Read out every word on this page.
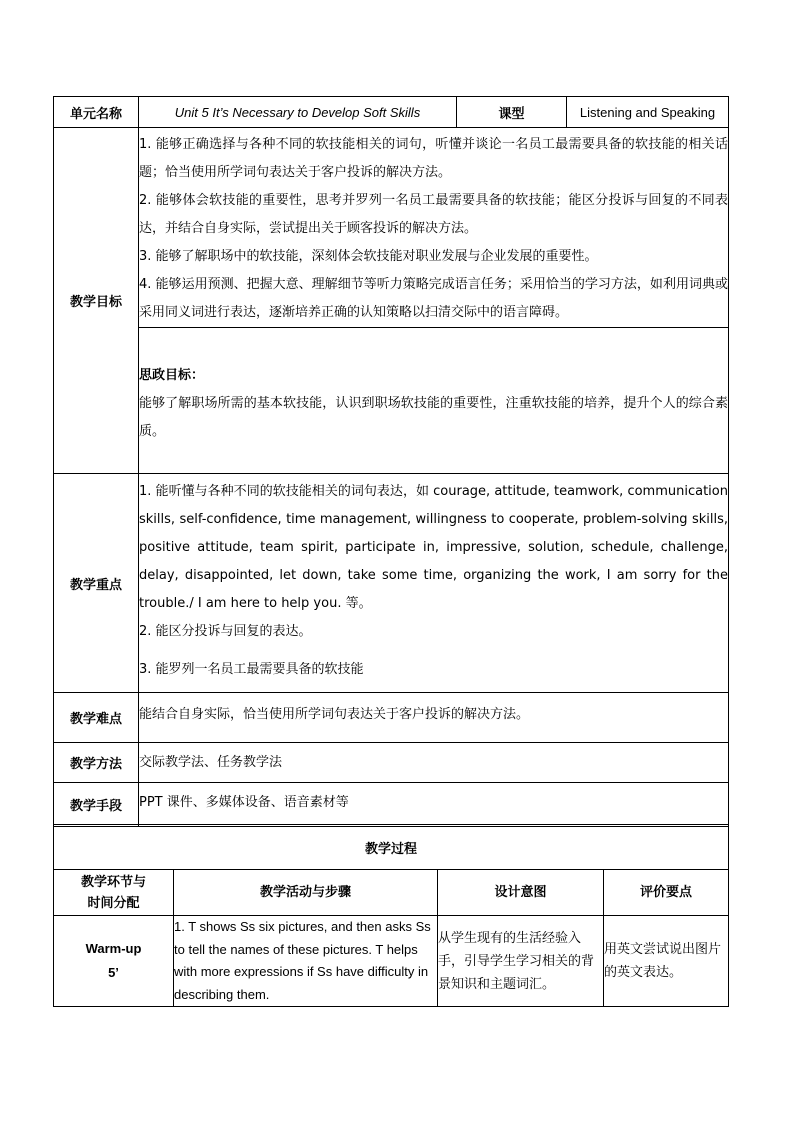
单元名称	Unit 5 It’s Necessary to Develop Soft Skills	课型	Listening and Speaking
教学目标	1. 能够正确选择与各种不同的软技能相关的词句，听懂并谈论一名员工最需要具备的软技能的相关话题；恰当使用所学词句表达关于客户投诉的解决方法。

2. 能够体会软技能的重要性，思考并罗列一名员工最需要具备的软技能；能区分投诉与回复的不同表达，并结合自身实际，尝试提出关于顾客投诉的解决方法。

3. 能够了解职场中的软技能，深刻体会软技能对职业发展与企业发展的重要性。

4. 能够运用预测、把握大意、理解细节等听力策略完成语言任务；采用恰当的学习方法，如利用词典或采用同义词进行表达，逐渐培养正确的认知策略以扫清交际中的语言障碍。		

	思政目标：

能够了解职场所需的基本软技能，认识到职场软技能的重要性，注重软技能的培养，提升个人的综合素质。		

教学重点	1. 能听懂与各种不同的软技能相关的词句表达，如 courage, attitude, teamwork, communication skills, self-confidence, time management, willingness to cooperate, problem-solving skills, positive attitude, team spirit, participate in, impressive, solution, schedule, challenge, delay, disappointed, let down, take some time, organizing the work, I am sorry for the trouble./ I am here to help you. 等。

2. 能区分投诉与回复的表达。

3. 能罗列一名员工最需要具备的软技能		

教学难点	能结合自身实际，恰当使用所学词句表达关于客户投诉的解决方法。		
教学方法	交际教学法、任务教学法		
教学手段	PPT 课件、多媒体设备、语音素材等		
教学过程			

教学环节与
时间分配	教学活动与步骤	设计意图	评价要点

Warm-up
5’	1. T shows Ss six pictures, and then asks Ss to tell the names of these pictures. T helps with more expressions if Ss have difficulty in describing them.	从学生现有的生活经验入手，引导学生学习相关的背景知识和主题词汇。	用英文尝试说出图片的英文表达。
